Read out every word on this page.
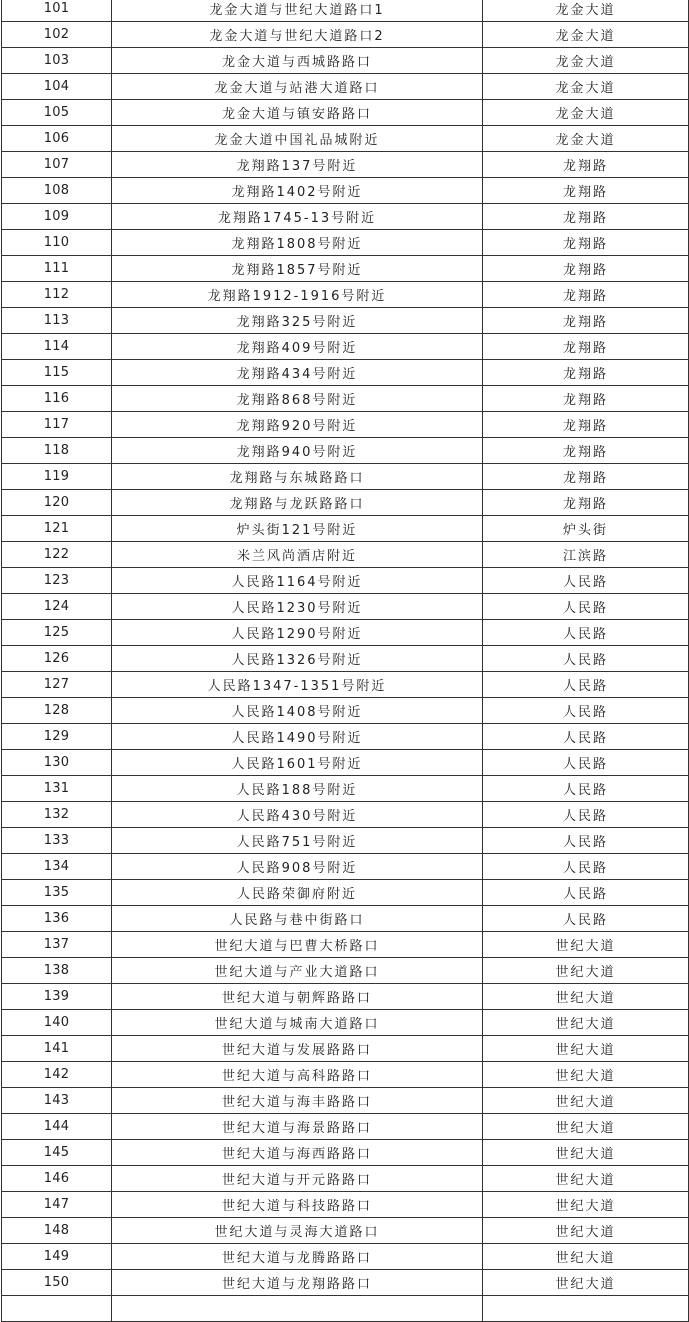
101	龙金大道与世纪大道路口1	龙金大道
102	龙金大道与世纪大道路口2	龙金大道
103	龙金大道与西城路路口	龙金大道
104	龙金大道与站港大道路口	龙金大道
105	龙金大道与镇安路路口	龙金大道
106	龙金大道中国礼品城附近	龙金大道
107	龙翔路137号附近	龙翔路
108	龙翔路1402号附近	龙翔路
109	龙翔路1745-13号附近	龙翔路
110	龙翔路1808号附近	龙翔路
111	龙翔路1857号附近	龙翔路
112	龙翔路1912-1916号附近	龙翔路
113	龙翔路325号附近	龙翔路
114	龙翔路409号附近	龙翔路
115	龙翔路434号附近	龙翔路
116	龙翔路868号附近	龙翔路
117	龙翔路920号附近	龙翔路
118	龙翔路940号附近	龙翔路
119	龙翔路与东城路路口	龙翔路
120	龙翔路与龙跃路路口	龙翔路
121	炉头街121号附近	炉头街
122	米兰风尚酒店附近	江滨路
123	人民路1164号附近	人民路
124	人民路1230号附近	人民路
125	人民路1290号附近	人民路
126	人民路1326号附近	人民路
127	人民路1347-1351号附近	人民路
128	人民路1408号附近	人民路
129	人民路1490号附近	人民路
130	人民路1601号附近	人民路
131	人民路188号附近	人民路
132	人民路430号附近	人民路
133	人民路751号附近	人民路
134	人民路908号附近	人民路
135	人民路荣御府附近	人民路
136	人民路与巷中街路口	人民路
137	世纪大道与巴曹大桥路口	世纪大道
138	世纪大道与产业大道路口	世纪大道
139	世纪大道与朝辉路路口	世纪大道
140	世纪大道与城南大道路口	世纪大道
141	世纪大道与发展路路口	世纪大道
142	世纪大道与高科路路口	世纪大道
143	世纪大道与海丰路路口	世纪大道
144	世纪大道与海景路路口	世纪大道
145	世纪大道与海西路路口	世纪大道
146	世纪大道与开元路路口	世纪大道
147	世纪大道与科技路路口	世纪大道
148	世纪大道与灵海大道路口	世纪大道
149	世纪大道与龙腾路路口	世纪大道
150	世纪大道与龙翔路路口	世纪大道
